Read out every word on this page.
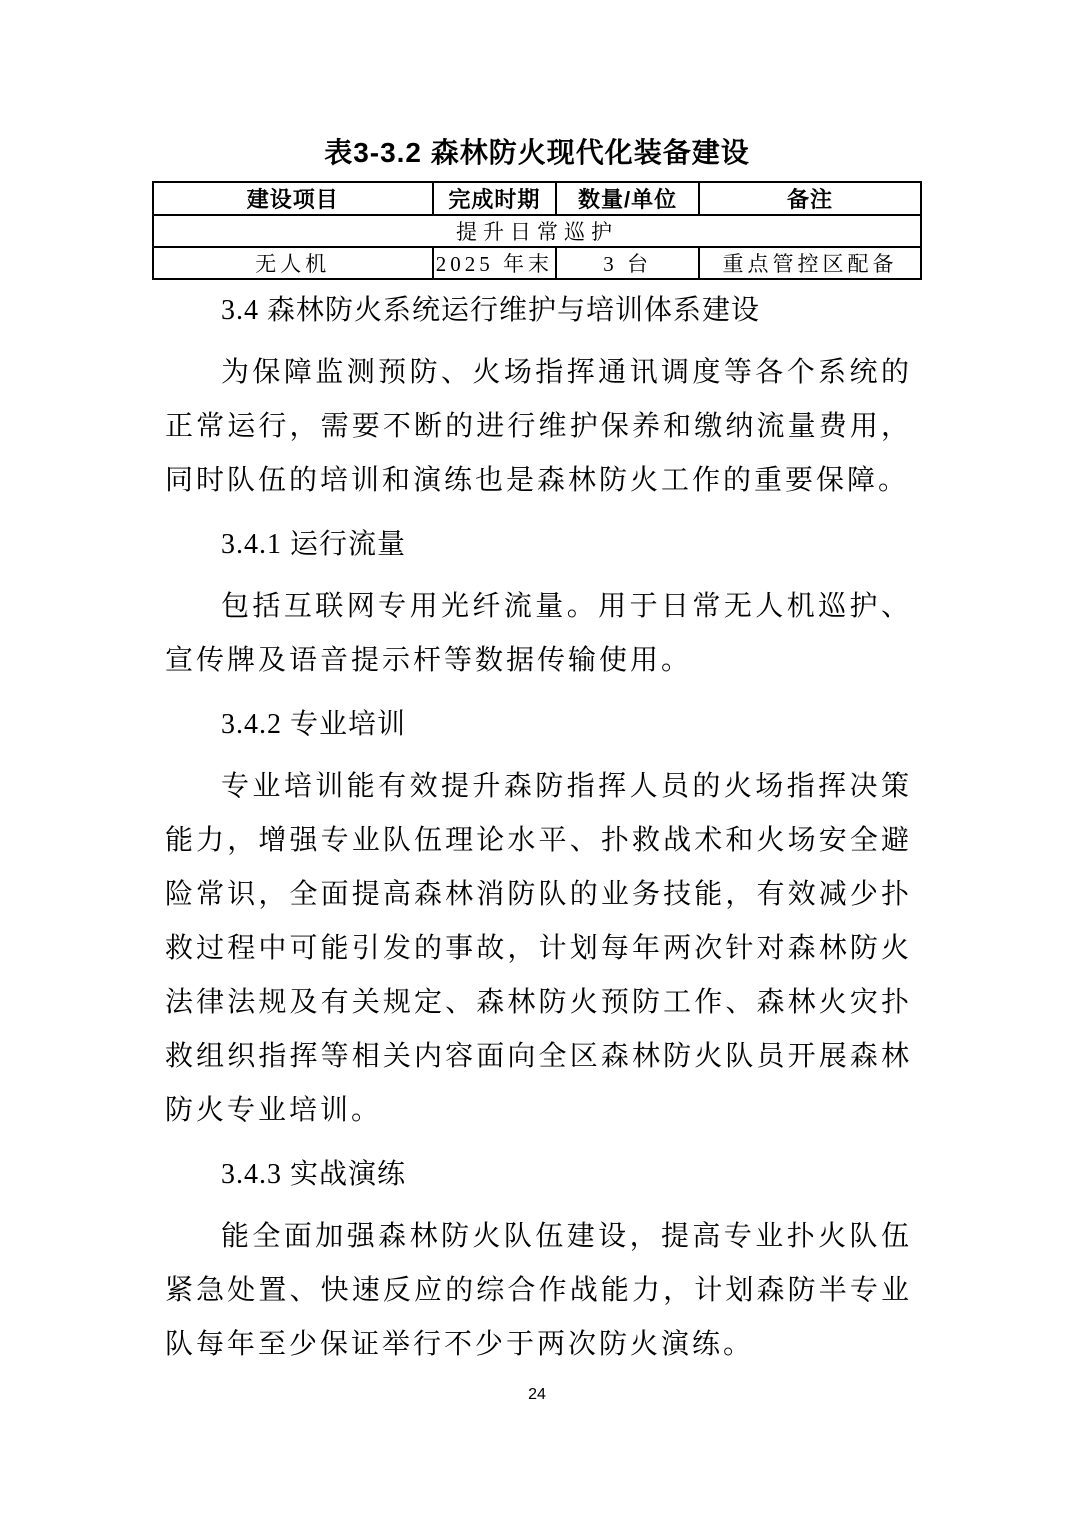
表3-3.2 森林防火现代化装备建设
建设项目	完成时期	数量/单位	备注
提升日常巡护			
无人机	2025 年末	3 台	重点管控区配备
3.4 森林防火系统运行维护与培训体系建设

为保障监测预防、火场指挥通讯调度等各个系统的正常运行，需要不断的进行维护保养和缴纳流量费用，同时队伍的培训和演练也是森林防火工作的重要保障。

3.4.1 运行流量

包括互联网专用光纤流量。用于日常无人机巡护、宣传牌及语音提示杆等数据传输使用。

3.4.2 专业培训

专业培训能有效提升森防指挥人员的火场指挥决策能力，增强专业队伍理论水平、扑救战术和火场安全避险常识，全面提高森林消防队的业务技能，有效减少扑救过程中可能引发的事故，计划每年两次针对森林防火法律法规及有关规定、森林防火预防工作、森林火灾扑救组织指挥等相关内容面向全区森林防火队员开展森林防火专业培训。

3.4.3 实战演练

能全面加强森林防火队伍建设，提高专业扑火队伍紧急处置、快速反应的综合作战能力，计划森防半专业队每年至少保证举行不少于两次防火演练。

24
